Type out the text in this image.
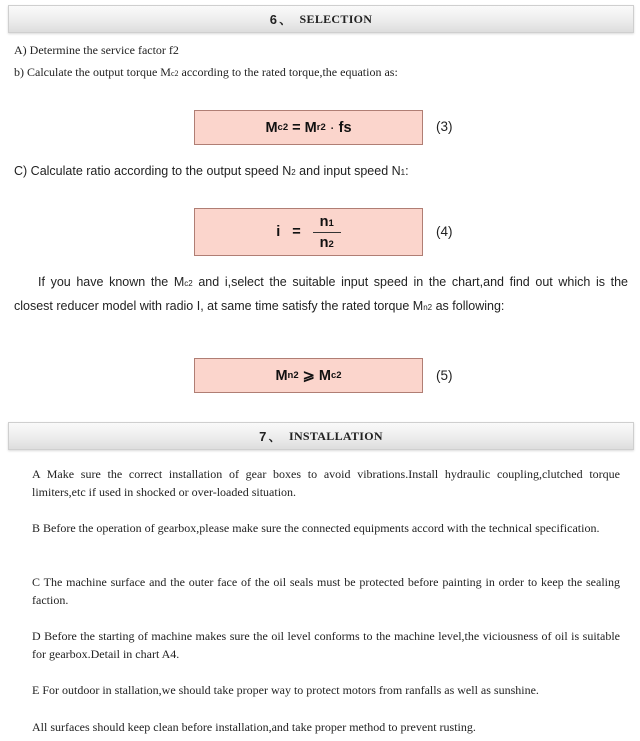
6 、 SELECTION
A) Determine the service factor f2
b) Calculate the output torque Mc2 according to the rated torque,the equation as:
M c2 = M r2 · fs	(3)
C) Calculate ratio according to the output speed N2 and input speed N1:
$i = \frac{n1}{n2}$	(4)
If you have known the Mc2 and i,select the suitable input speed in the chart,and find out which is the closest reducer model with radio I, at same time satisfy the rated torque Mn2 as following:
M n2 ⩾ M c2	(5)
7 、 INSTALLATION
A Make sure the correct installation of gear boxes to avoid vibrations.Install hydraulic coupling,clutched torque limiters,etc if used in shocked or over-loaded situation.
B Before the operation of gearbox,please make sure the connected equipments accord with the technical specification.
C The machine surface and the outer face of the oil seals must be protected before painting in order to keep the sealing faction.
D Before the starting of machine makes sure the oil level conforms to the machine level,the viciousness of oil is suitable for gearbox.Detail in chart A4.
E For outdoor in stallation,we should take proper way to protect motors from ranfalls as well as sunshine.
All surfaces should keep clean before installation,and take proper method to prevent rusting.
